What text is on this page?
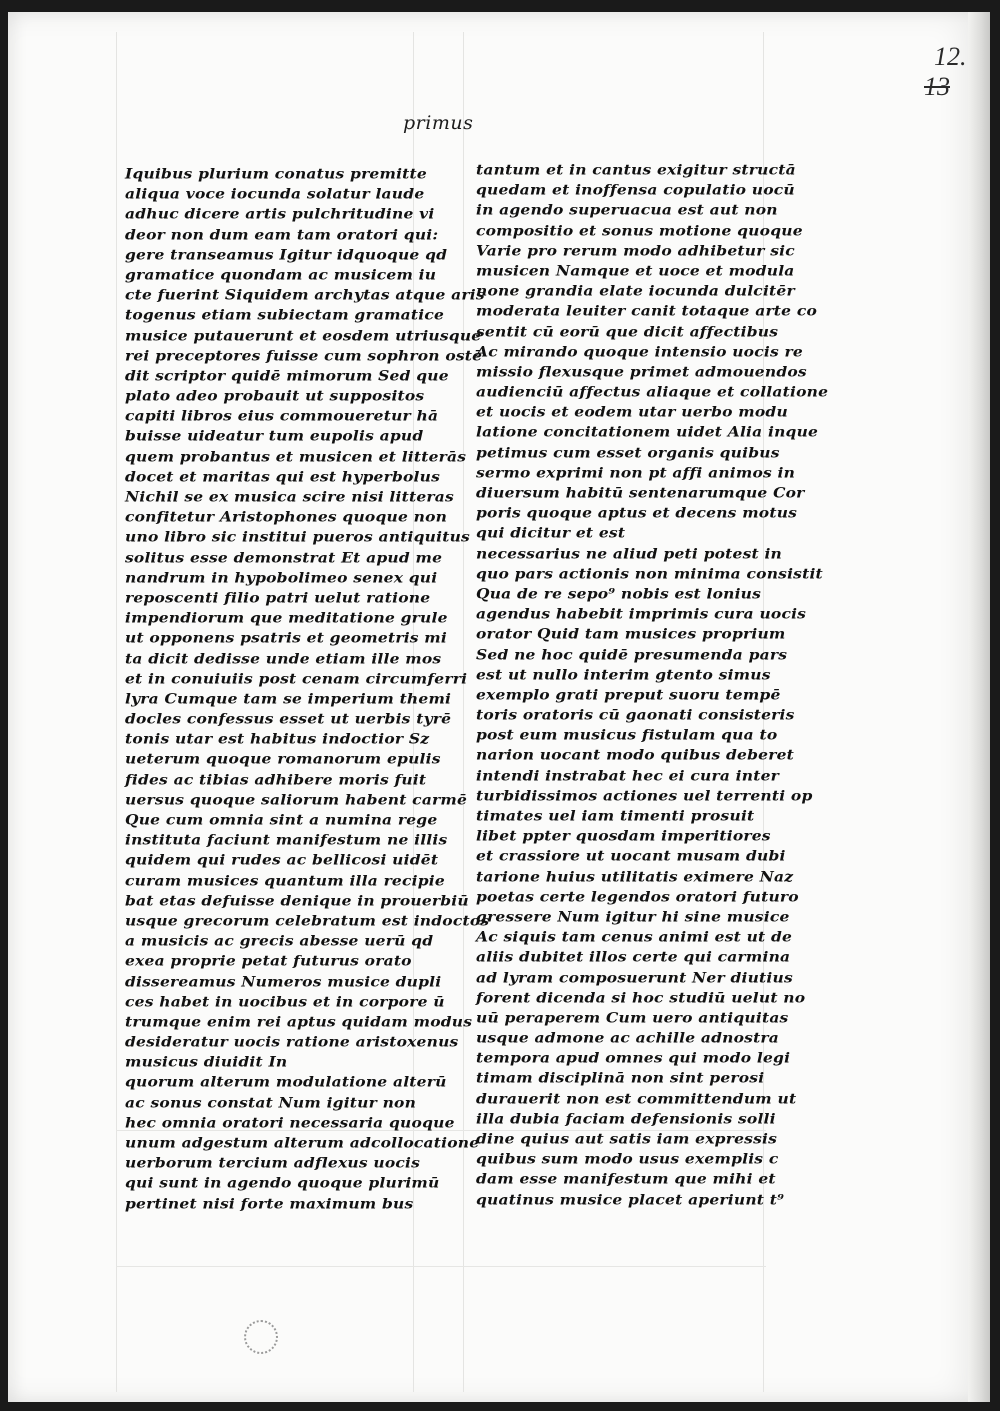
12.
13
primus
Iquibus plurium conatus premitte
aliqua voce iocunda solatur laude
adhuc dicere artis pulchritudine vi
deor non dum eam tam oratori qui:
gere transeamus Igitur idquoque qd
gramatice quondam ac musicem iu
cte fuerint Siquidem archytas atque aris
togenus etiam subiectam gramatice
musice putauerunt et eosdem utriusque
rei preceptores fuisse cum sophron ostē
dit scriptor quidē mimorum Sed que
plato adeo probauit ut suppositos
capiti libros eius commoueretur hā
buisse uideatur tum eupolis apud
quem probantus et musicen et litterās
docet et maritas qui est hyperbolus
Nichil se ex musica scire nisi litteras
confitetur Aristophones quoque non
uno libro sic institui pueros antiquitus
solitus esse demonstrat Et apud me
nandrum in hypobolimeo senex qui
reposcenti filio patri uelut ratione
impendiorum que meditatione grule
ut opponens psatris et geometris mi
ta dicit dedisse unde etiam ille mos
et in conuiuiis post cenam circumferri
lyra Cumque tam se imperium themi
docles confessus esset ut uerbis tyrē
tonis utar est habitus indoctior Sz
ueterum quoque romanorum epulis
fides ac tibias adhibere moris fuit
uersus quoque saliorum habent carmē
Que cum omnia sint a numina rege
instituta faciunt manifestum ne illis
quidem qui rudes ac bellicosi uidēt
curam musices quantum illa recipie
bat etas defuisse denique in prouerbiū
usque grecorum celebratum est indoctos
a musicis ac grecis abesse uerū qd
exea proprie petat futurus orato
dissereamus Numeros musice dupli
ces habet in uocibus et in corpore ū
trumque enim rei aptus quidam modus
desideratur uocis ratione aristoxenus
musicus diuidit In
quorum alterum modulatione alterū
ac sonus constat Num igitur non
hec omnia oratori necessaria quoque
unum adgestum alterum adcollocatione
uerborum tercium adflexus uocis
qui sunt in agendo quoque plurimū
pertinet nisi forte maximum bus
tantum et in cantus exigitur structā
quedam et inoffensa copulatio uocū
in agendo superuacua est aut non
compositio et sonus motione quoque
Varie pro rerum modo adhibetur sic
musicen Namque et uoce et modula
none grandia elate iocunda dulcitēr
moderata leuiter canit totaque arte co
sentit cū eorū que dicit affectibus
Ac mirando quoque intensio uocis re
missio flexusque primet admouendos
audienciū affectus aliaque et collatione
et uocis et eodem utar uerbo modu
latione concitationem uidet Alia inque
petimus cum esset organis quibus
sermo exprimi non pt affi animos in
diuersum habitū sentenarumque Cor
poris quoque aptus et decens motus
qui dicitur et est
necessarius ne aliud peti potest in
quo pars actionis non minima consistit
Qua de re sepo⁹ nobis est lonius
agendus habebit imprimis cura uocis
orator Quid tam musices proprium
Sed ne hoc quidē presumenda pars
est ut nullo interim gtento simus
exemplo grati preput suoru tempē
toris oratoris cū gaonati consisteris
post eum musicus fistulam qua to
narion uocant modo quibus deberet
intendi instrabat hec ei cura inter
turbidissimos actiones uel terrenti op
timates uel iam timenti prosuit
libet ppter quosdam imperitiores
et crassiore ut uocant musam dubi
tarione huius utilitatis eximere Naz
poetas certe legendos oratori futuro
gressere Num igitur hi sine musice
Ac siquis tam cenus animi est ut de
aliis dubitet illos certe qui carmina
ad lyram composuerunt Ner diutius
forent dicenda si hoc studiū uelut no
uū peraperem Cum uero antiquitas
usque admone ac achille adnostra
tempora apud omnes qui modo legi
timam disciplinā non sint perosi
durauerit non est committendum ut
illa dubia faciam defensionis solli
dine quius aut satis iam expressis
quibus sum modo usus exemplis c
dam esse manifestum que mihi et
quatinus musice placet aperiunt t⁹
